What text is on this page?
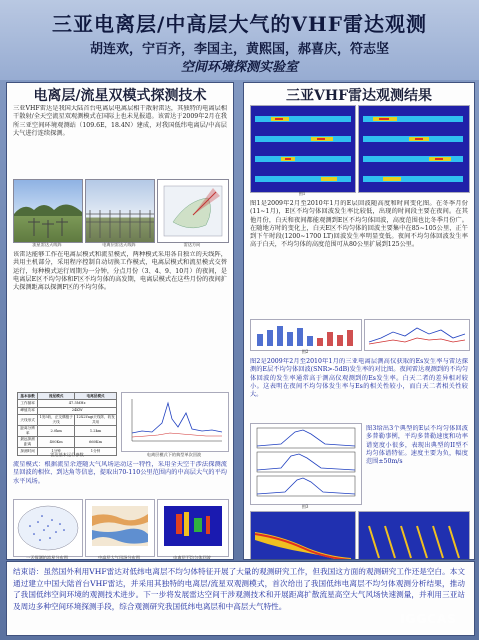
三亚电离层/中高层大气的VHF雷达观测
胡连欢，宁百齐，李国主，黄熙国，郝喜庆，符志坚
空间环境探测实验室
电离层/流星双模式探测技术
三亚VHF雷达是我国大陆首台电离层电离层相干散射雷达，其独特的电离层相干散射/全天空流星双观测模式在国际上也未见报道。该雷达于2009年2月在我所三亚空间环境观测站（109.6E，18.4N）建成，对我国低纬电离层/中高层大气进行连续探测。
流星雷达天线阵	电离层雷达天线阵	雷达方向
该雷达能够工作在电离层模式和流星模式，两种模式采用各自独立的天线阵，共用主机部分，采用程序控制自动切换工作模式，电离层模式和流星模式交替运行，每种模式运行周期为一分钟，分点月份（3、4、9、10月）的夜间，是电离层E区不均匀体和F区不均匀体的高发期，电离层模式在这些月份的夜间扩大探测距离以探测F区的不均匀体。
基本参数	流星模式	电离层模式
工作频率	47.5MHz	
峰值功率	24KW	
天线形式	1发5收，正交偶极子天线	12X2Yagi天线阵，收发共用
距离分辨率	2.0km	1.2km
最远探测距离	400Km	660Km
探测时间	1分钟	1分钟
雷达基本运行参数	电离层模式下的典型单次回波
流星模式：根据流星余迹随大气风场运动这一特性，采用全天空干涉法探测流星回波的相位、到达角等信息，提取出70-110公里范围内的中高层大气的平均水平风场。
一天探测的流星分布图	中高层大气风场分布图	电离层不均匀体回波
三亚VHF雷达观测结果
图1
图1是2009年2月至2010年1月的E层回波随高度和时间变化图。在冬季月份(11~1月)，E区不均匀体回波发生率比较低，出现的时间段主要在夜间。在其他月份，白天和夜间都能观测到E区不均匀体回波，高度范围也比冬季月份广。在随地方时的变化上，白天E区不均匀体的回波主要集中在85~105公里，正午到下午时段(1200~1700 LT)回波发生率明显变低。夜间不均匀体回波发生率高于白天，不均匀体的高度范围可从80公里扩展到125公里。
图2
图2是2009年2月至2010年1月的三亚电离层测高仪获取的Es发生率与雷达探测的E层不均匀体回波(SNR>-5dB)发生率的对比图。夜间雷达观测到的不均匀体回波的发生率通常高于测高仪观测到的Es发生率。白天二者的差异相对较小。这表明在夜间不均匀体发生率与Es的相关性较小，而白天二者相关性较大。
图3
图3给出3个典型的E层不均匀体回波多普勒事例，平均多普勒速度和功率谱宽度小很多，表现出典型的II型不均匀体谱特征。速度主要为负，幅度范围±50m/s
结束语：虽然国外利用VHF雷达对低纬电离层不均匀体特征开展了大量的观测研究工作，但我国这方面的观测研究工作还是空白。本文通过建立中国大陆首台VHF雷达，并采用其独特的电离层/流星双观测模式，首次给出了我国低纬电离层不均匀体观测分析结果，推动了我国低纬空间环境的观测技术进步。下一步将发展雷达空间干涉观测技术和开展距离扩散流星高空大气风场快速测量，并利用三亚站及周边多种空间环境探测手段，综合观测研究我国低纬电离层和中高层大气特性。
IGGCAS
